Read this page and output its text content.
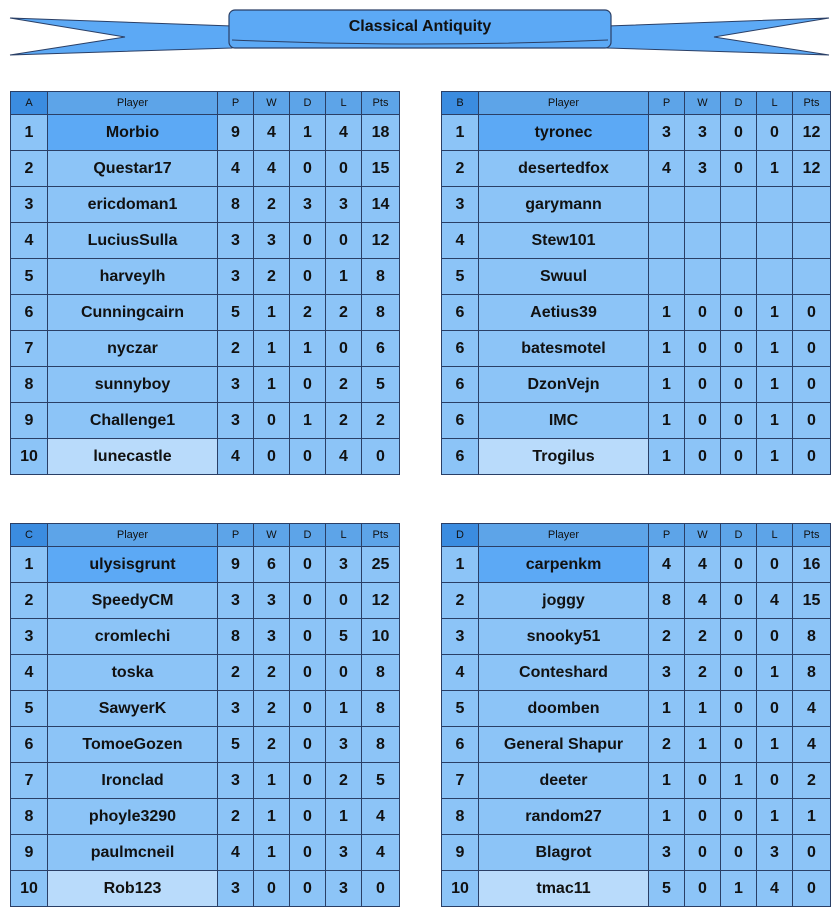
Classical Antiquity
A	Player	P	W	D	L	Pts
1	Morbio	9	4	1	4	18
2	Questar17	4	4	0	0	15
3	ericdoman1	8	2	3	3	14
4	LuciusSulla	3	3	0	0	12
5	harveylh	3	2	0	1	8
6	Cunningcairn	5	1	2	2	8
7	nyczar	2	1	1	0	6
8	sunnyboy	3	1	0	2	5
9	Challenge1	3	0	1	2	2
10	lunecastle	4	0	0	4	0
B	Player	P	W	D	L	Pts
1	tyronec	3	3	0	0	12
2	desertedfox	4	3	0	1	12
3	garymann					
4	Stew101					
5	Swuul					
6	Aetius39	1	0	0	1	0
6	batesmotel	1	0	0	1	0
6	DzonVejn	1	0	0	1	0
6	IMC	1	0	0	1	0
6	Trogilus	1	0	0	1	0
C	Player	P	W	D	L	Pts
1	ulysisgrunt	9	6	0	3	25
2	SpeedyCM	3	3	0	0	12
3	cromlechi	8	3	0	5	10
4	toska	2	2	0	0	8
5	SawyerK	3	2	0	1	8
6	TomoeGozen	5	2	0	3	8
7	Ironclad	3	1	0	2	5
8	phoyle3290	2	1	0	1	4
9	paulmcneil	4	1	0	3	4
10	Rob123	3	0	0	3	0
D	Player	P	W	D	L	Pts
1	carpenkm	4	4	0	0	16
2	joggy	8	4	0	4	15
3	snooky51	2	2	0	0	8
4	Conteshard	3	2	0	1	8
5	doomben	1	1	0	0	4
6	General Shapur	2	1	0	1	4
7	deeter	1	0	1	0	2
8	random27	1	0	0	1	1
9	Blagrot	3	0	0	3	0
10	tmac11	5	0	1	4	0
